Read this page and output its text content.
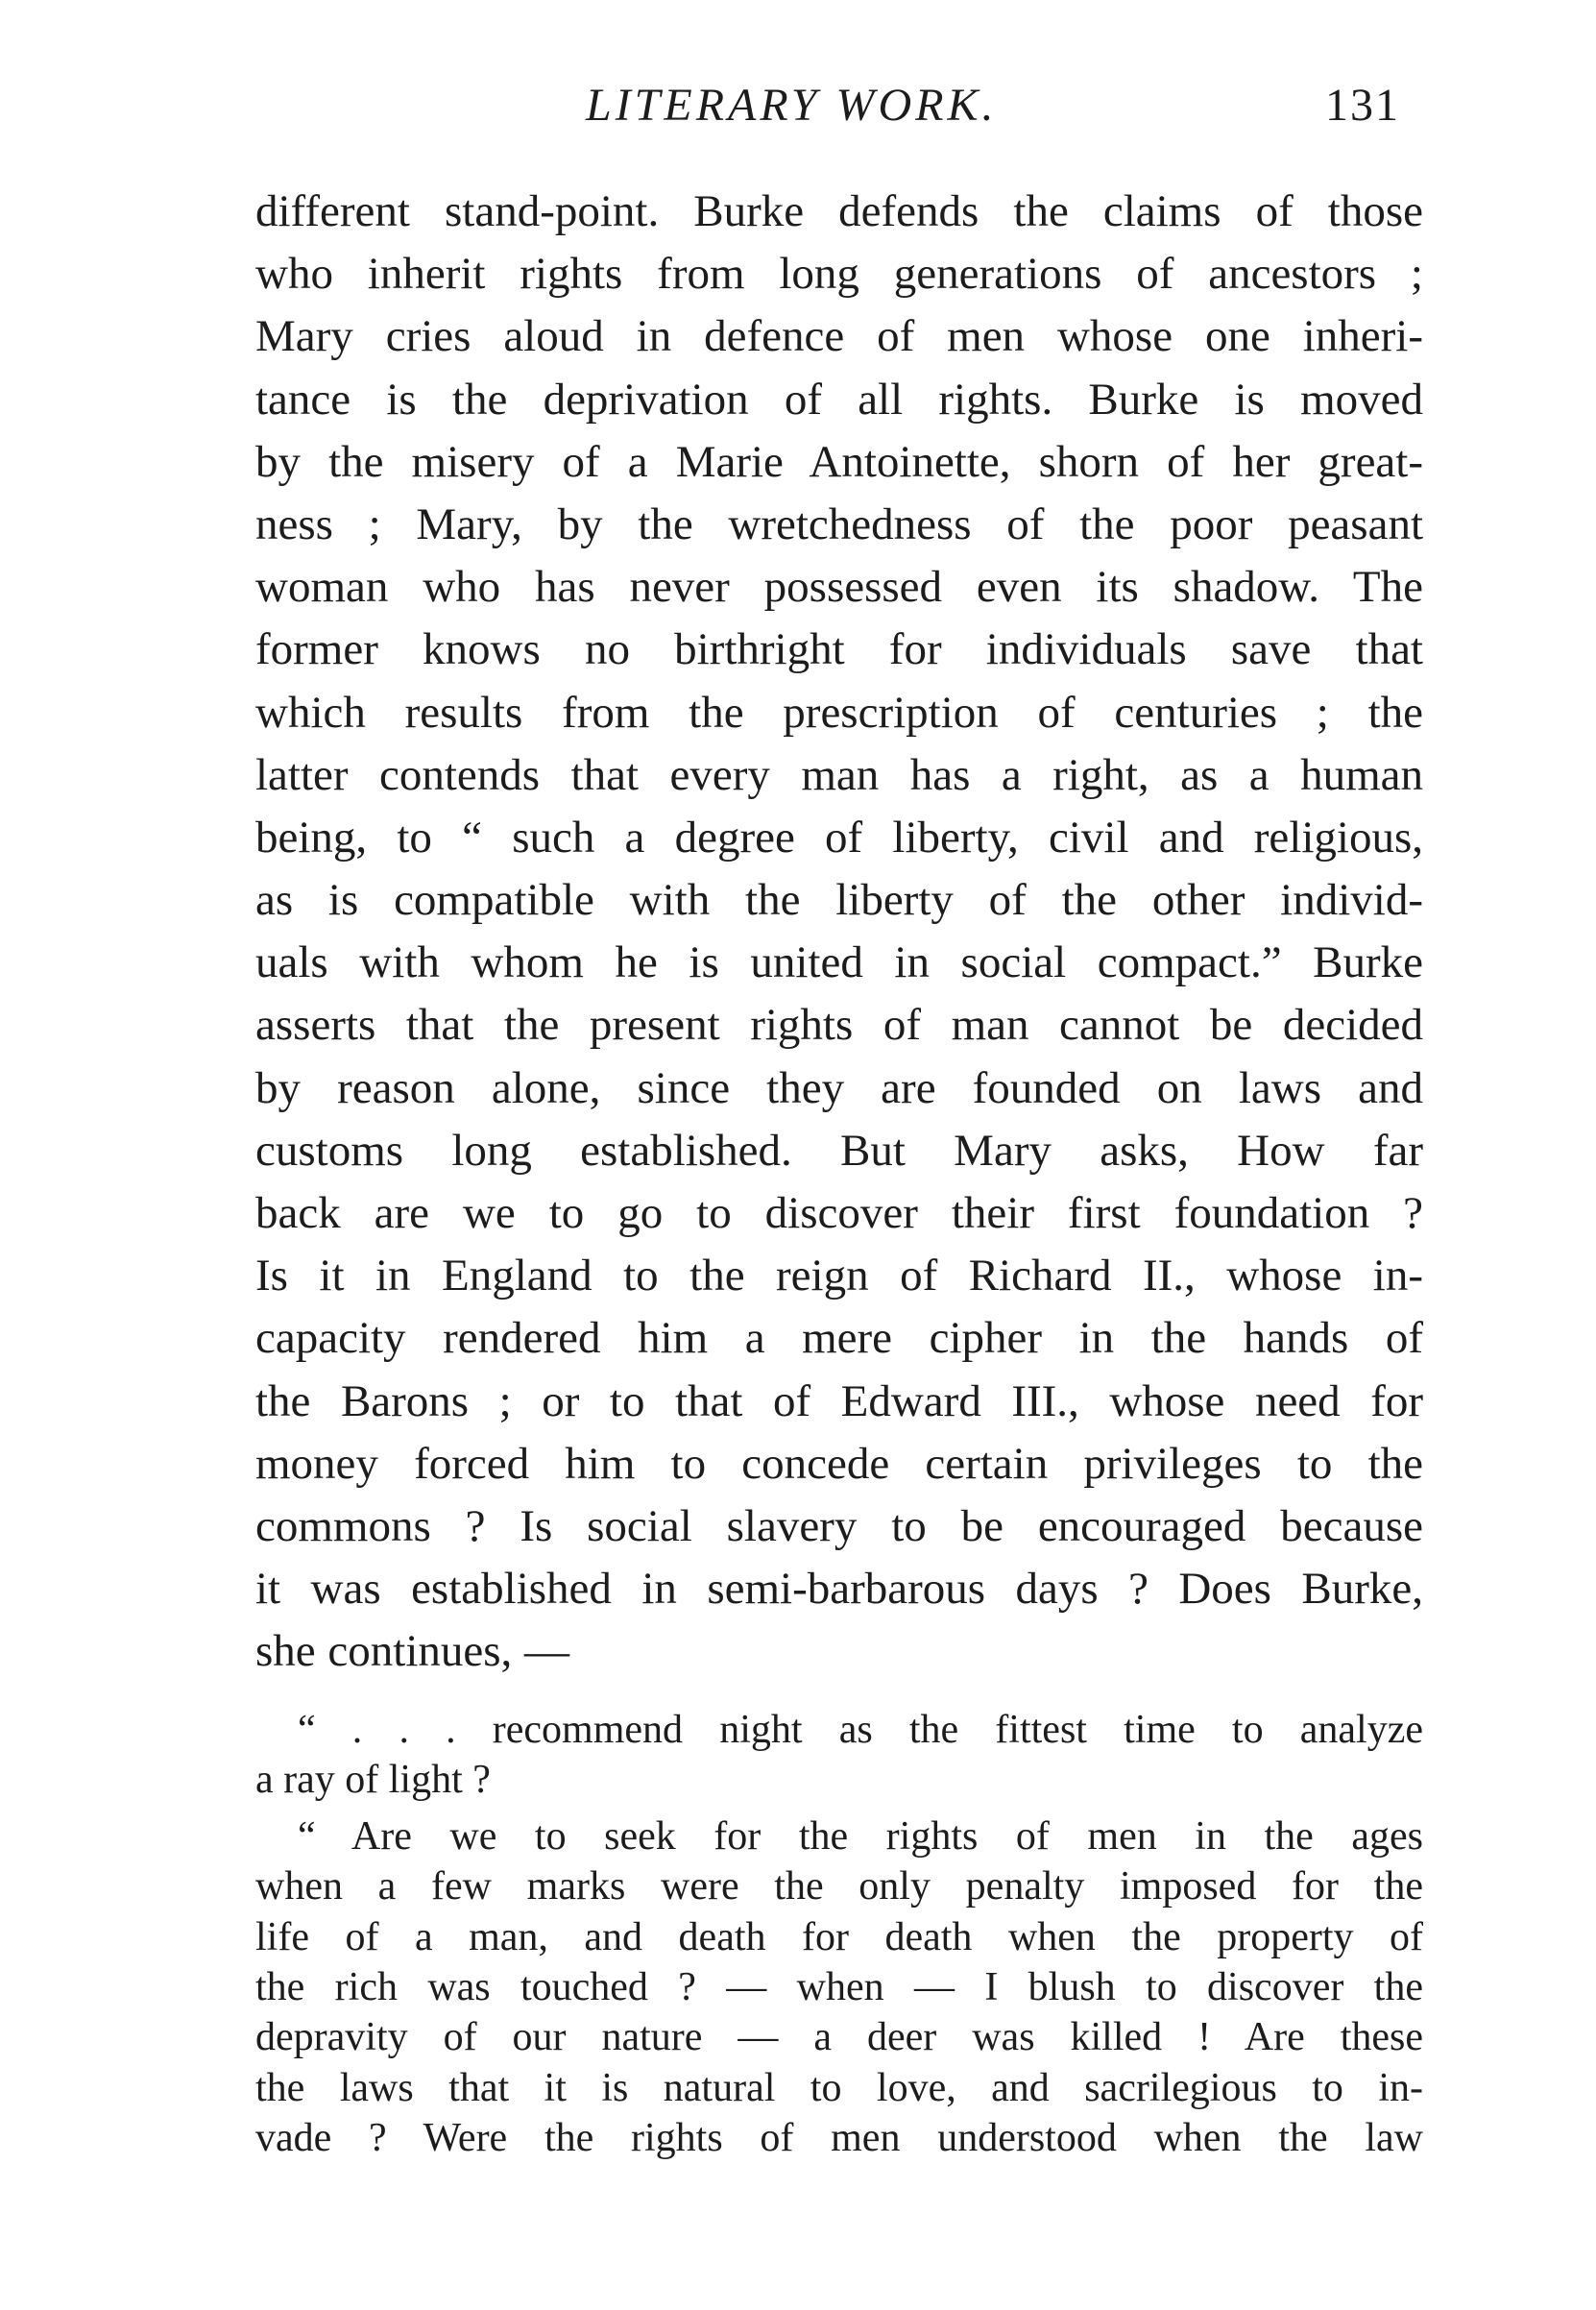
LITERARY WORK.	131
different stand-point. Burke defends the claims of those
who inherit rights from long generations of ancestors ;
Mary cries aloud in defence of men whose one inheri-
tance is the deprivation of all rights. Burke is moved
by the misery of a Marie Antoinette, shorn of her great-
ness ; Mary, by the wretchedness of the poor peasant
woman who has never possessed even its shadow. The
former knows no birthright for individuals save that
which results from the prescription of centuries ; the
latter contends that every man has a right, as a human
being, to “ such a degree of liberty, civil and religious,
as is compatible with the liberty of the other individ-
uals with whom he is united in social compact.” Burke
asserts that the present rights of man cannot be decided
by reason alone, since they are founded on laws and
customs long established. But Mary asks, How far
back are we to go to discover their first foundation ?
Is it in England to the reign of Richard II., whose in-
capacity rendered him a mere cipher in the hands of
the Barons ; or to that of Edward III., whose need for
money forced him to concede certain privileges to the
commons ? Is social slavery to be encouraged because
it was established in semi-barbarous days ? Does Burke,
she continues, —
“ . . . recommend night as the fittest time to analyze
a ray of light ?
“ Are we to seek for the rights of men in the ages
when a few marks were the only penalty imposed for the
life of a man, and death for death when the property of
the rich was touched ? — when — I blush to discover the
depravity of our nature — a deer was killed ! Are these
the laws that it is natural to love, and sacrilegious to in-
vade ? Were the rights of men understood when the law
